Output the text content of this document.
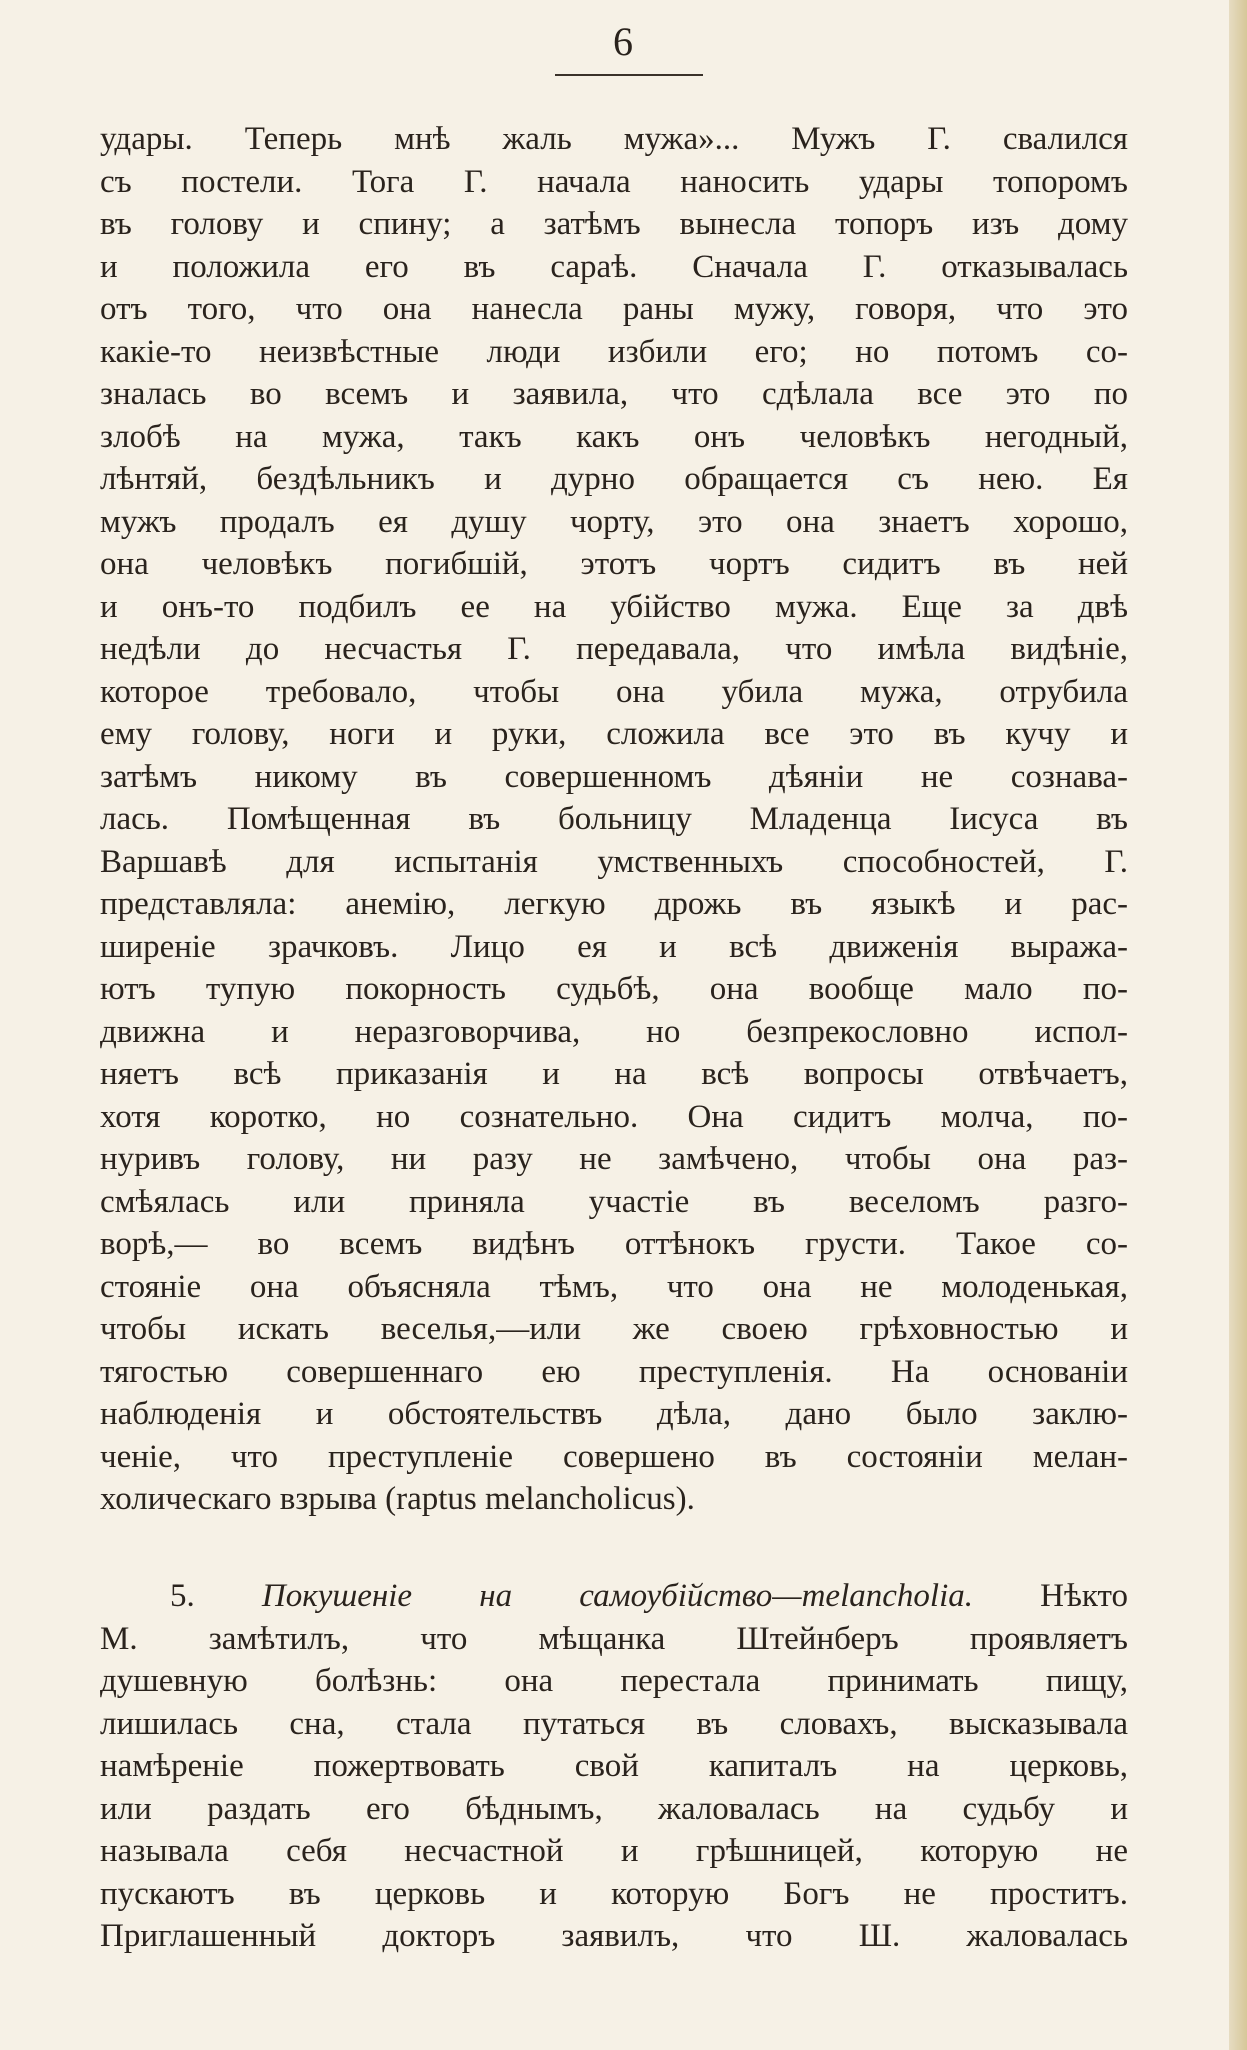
6
удары. Теперь мнѣ жаль мужа»... Мужъ Г. свалился
съ постели. Тога Г. начала наносить удары топоромъ
въ голову и спину; а затѣмъ вынесла топоръ изъ дому
и положила его въ сараѣ. Сначала Г. отказывалась
отъ того, что она нанесла раны мужу, говоря, что это
какіе-то неизвѣстные люди избили его; но потомъ со-
зналась во всемъ и заявила, что сдѣлала все это по
злобѣ на мужа, такъ какъ онъ человѣкъ негодный,
лѣнтяй, бездѣльникъ и дурно обращается съ нею. Ея
мужъ продалъ ея душу чорту, это она знаетъ хорошо,
она человѣкъ погибшій, этотъ чортъ сидитъ въ ней
и онъ-то подбилъ ее на убійство мужа. Еще за двѣ
недѣли до несчастья Г. передавала, что имѣла видѣніе,
которое требовало, чтобы она убила мужа, отрубила
ему голову, ноги и руки, сложила все это въ кучу и
затѣмъ никому въ совершенномъ дѣяніи не сознава-
лась. Помѣщенная въ больницу Младенца Іисуса въ
Варшавѣ для испытанія умственныхъ способностей, Г.
представляла: анемію, легкую дрожь въ языкѣ и рас-
ширеніе зрачковъ. Лицо ея и всѣ движенія выража-
ютъ тупую покорность судьбѣ, она вообще мало по-
движна и неразговорчива, но безпрекословно испол-
няетъ всѣ приказанія и на всѣ вопросы отвѣчаетъ,
хотя коротко, но сознательно. Она сидитъ молча, по-
нуривъ голову, ни разу не замѣчено, чтобы она раз-
смѣялась или приняла участіе въ веселомъ разго-
ворѣ,— во всемъ видѣнъ оттѣнокъ грусти. Такое со-
стояніе она объясняла тѣмъ, что она не молоденькая,
чтобы искать веселья,—или же своею грѣховностью и
тягостью совершеннаго ею преступленія. На основаніи
наблюденія и обстоятельствъ дѣла, дано было заклю-
ченіе, что преступленіе совершено въ состояніи мелан-
холическаго взрыва (raptus melancholicus).
5. Покушеніе на самоубійство—melancholia. Нѣкто
М. замѣтилъ, что мѣщанка Штейнберъ проявляетъ
душевную болѣзнь: она перестала принимать пищу,
лишилась сна, стала путаться въ словахъ, высказывала
намѣреніе пожертвовать свой капиталъ на церковь,
или раздать его бѣднымъ, жаловалась на судьбу и
называла себя несчастной и грѣшницей, которую не
пускаютъ въ церковь и которую Богъ не проститъ.
Приглашенный докторъ заявилъ, что Ш. жаловалась
